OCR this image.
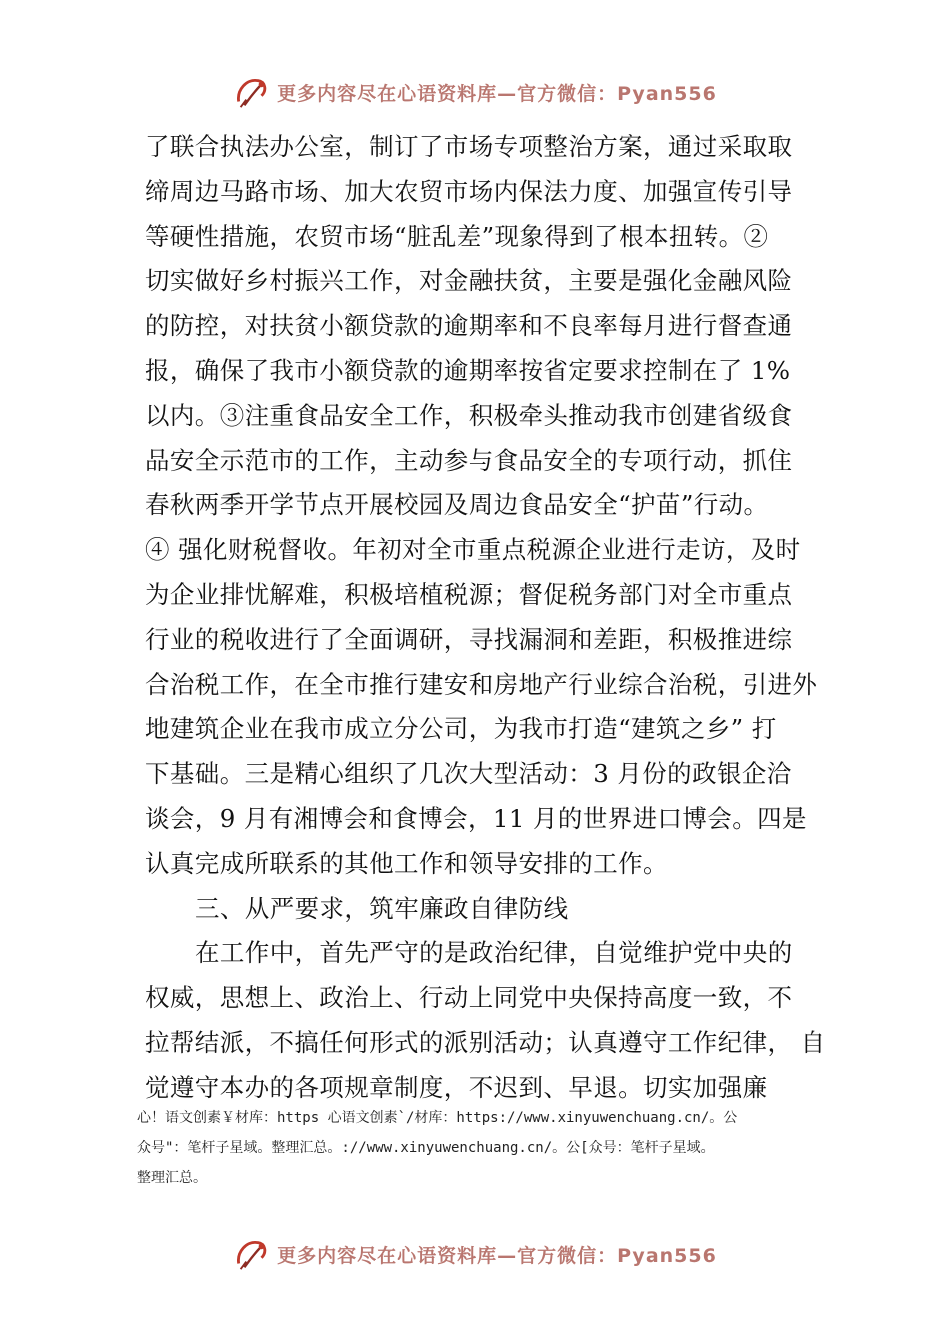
更多内容尽在心语资料库—官方微信：Pyan556
了联合执法办公室，制订了市场专项整治方案，通过采取取
缔周边马路市场、加大农贸市场内保法力度、加强宣传引导
等硬性措施，农贸市场“脏乱差”现象得到了根本扭转。②
切实做好乡村振兴工作，对金融扶贫，主要是强化金融风险
的防控，对扶贫小额贷款的逾期率和不良率每月进行督查通
报，确保了我市小额贷款的逾期率按省定要求控制在了 1%
以内。③注重食品安全工作，积极牵头推动我市创建省级食
品安全示范市的工作，主动参与食品安全的专项行动，抓住
春秋两季开学节点开展校园及周边食品安全“护苗”行动。
④ 强化财税督收。年初对全市重点税源企业进行走访，及时
为企业排忧解难，积极培植税源；督促税务部门对全市重点
行业的税收进行了全面调研，寻找漏洞和差距，积极推进综
合治税工作，在全市推行建安和房地产行业综合治税，引进外
地建筑企业在我市成立分公司，为我市打造“建筑之乡” 打
下基础。三是精心组织了几次大型活动：3 月份的政银企洽
谈会，9 月有湘博会和食博会，11 月的世界进口博会。四是
认真完成所联系的其他工作和领导安排的工作。
三、从严要求，筑牢廉政自律防线
在工作中，首先严守的是政治纪律，自觉维护党中央的
权威，思想上、政治上、行动上同党中央保持高度一致，不
拉帮结派，不搞任何形式的派别活动；认真遵守工作纪律， 自
觉遵守本办的各项规章制度，不迟到、早退。切实加强廉
心！语文创素￥材库：https 心语文创素`/材库：https://www.xinyuwenchuang.cn/。公
众号"：笔杆子星域。整理汇总。://www.xinyuwenchuang.cn/。公[众号：笔杆子星域。
整理汇总。
更多内容尽在心语资料库—官方微信：Pyan556
